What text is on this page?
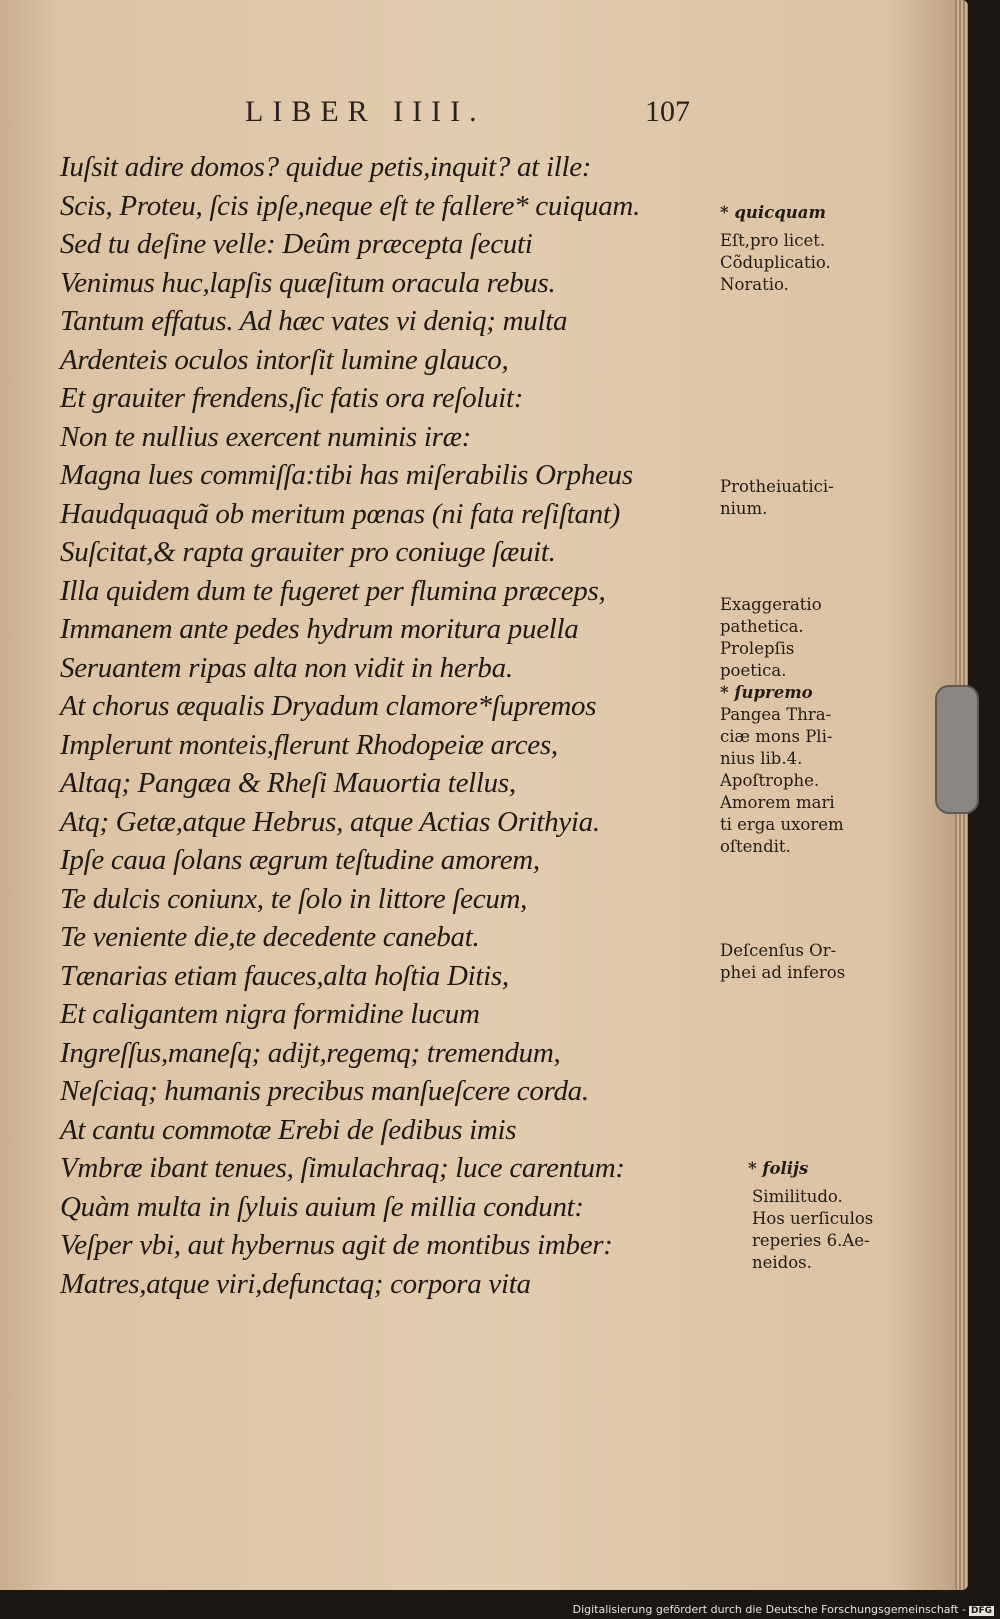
LIBER IIII.	107
Iuſsit adire domos? quidue petis,inquit? at ille:
Scis, Proteu, ſcis ipſe,neque eſt te fallere* cuiquam.
Sed tu deſine velle: Deûm præcepta ſecuti
Venimus huc,lapſis quæſitum oracula rebus.
Tantum effatus. Ad hæc vates vi deniq; multa
Ardenteis oculos intorſit lumine glauco,
Et grauiter frendens,ſic fatis ora reſoluit:
Non te nullius exercent numinis iræ:
Magna lues commiſſa:tibi has miſerabilis Orpheus
Haudquaquã ob meritum pœnas (ni fata reſiſtant)
Suſcitat,& rapta grauiter pro coniuge ſæuit.
Illa quidem dum te fugeret per flumina præceps,
Immanem ante pedes hydrum moritura puella
Seruantem ripas alta non vidit in herba.
At chorus æqualis Dryadum clamore*ſupremos
Implerunt monteis,flerunt Rhodopeiæ arces,
Altaq; Pangæa & Rheſi Mauortia tellus,
Atq; Getæ,atque Hebrus, atque Actias Orithyia.
Ipſe caua ſolans ægrum teſtudine amorem,
Te dulcis coniunx, te ſolo in littore ſecum,
Te veniente die,te decedente canebat.
Tænarias etiam fauces,alta hoſtia Ditis,
Et caligantem nigra formidine lucum
Ingreſſus,maneſq; adijt,regemq; tremendum,
Neſciaq; humanis precibus manſueſcere corda.
At cantu commotæ Erebi de ſedibus imis
Vmbræ ibant tenues, ſimulachraq; luce carentum:
Quàm multa in ſyluis auium ſe millia condunt:
Veſper vbi, aut hybernus agit de montibus imber:
Matres,atque viri,defunctaq; corpora vita
* quicquam
Eſt,pro licet.
Cõduplicatio.
Noratio.
Protheiuatici-
nium.
Exaggeratio
pathetica.
Prolepſis
poetica.
* ſupremo
Pangea Thra-
ciæ mons Pli-
nius lib.4.
Apoſtrophe.
Amorem mari
ti erga uxorem
oſtendit.
Deſcenſus Or-
phei ad inferos
* folijs
Similitudo.
Hos uerſiculos
reperies 6.Ae-
neidos.
Digitalisierung gefördert durch die Deutsche Forschungsgemeinschaft - DFG
